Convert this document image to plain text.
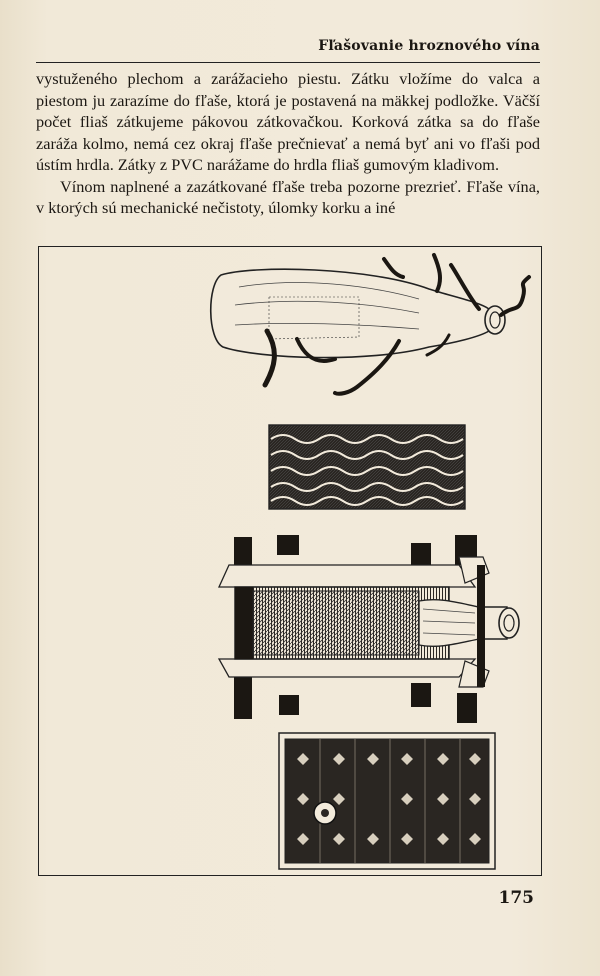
Fľašovanie hroznového vína

vystuženého plechom a zarážacieho piestu. Zátku vložíme do valca a piestom ju zarazíme do fľaše, ktorá je postavená na mäkkej podložke. Väčší počet fliaš zátkujeme pákovou zátkovačkou. Korková zátka sa do fľaše zaráža kolmo, nemá cez okraj fľaše prečnievať a nemá byť ani vo fľaši pod ústím hrdla. Zátky z PVC narážame do hrdla fliaš gumovým kladivom.

Vínom naplnené a zazátkované fľaše treba pozorne prezrieť. Fľaše vína, v ktorých sú mechanické nečistoty, úlomky korku a iné

175
